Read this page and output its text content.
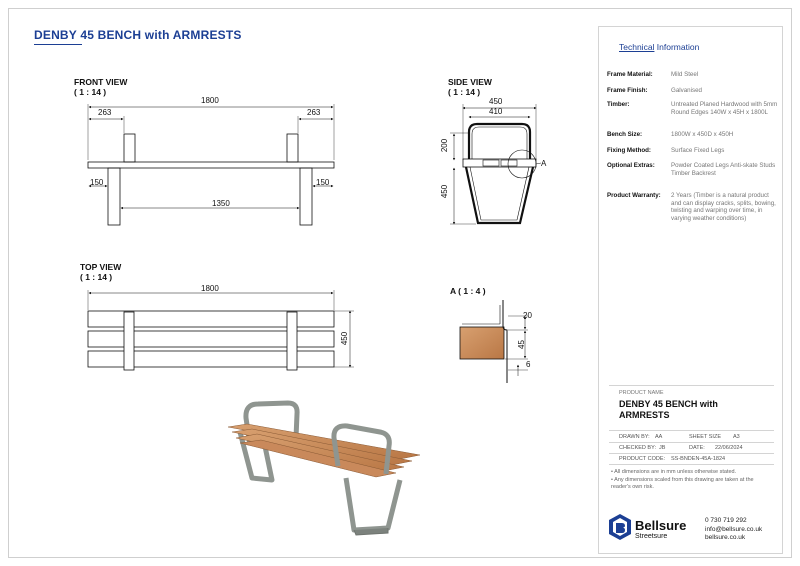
DENBY 45 BENCH with ARMRESTS
FRONT VIEW
( 1 : 14 )
SIDE VIEW
( 1 : 14 )
TOP VIEW
( 1 : 14 )
A ( 1 : 4 )
1800
263	263
150	150
1350
450
410
200
450
A
1800
450
20
45
6
Technical Information
Frame Material:	Mild Steel
Frame Finish:	Galvanised
Timber:	Untreated Planed Hardwood with 5mm Round Edges 140W x 45H x 1800L
Bench Size:	1800W x 450D x 450H
Fixing Method:	Surface Fixed Legs
Optional Extras:	Powder Coated Legs Anti-skate Studs Timber Backrest
Product Warranty:	2 Years (Timber is a natural product and can display cracks, splits, bowing, twisting and warping over time, in varying weather conditions)
PRODUCT NAME
DENBY 45 BENCH with ARMRESTS
DRAWN BY: AA	SHEET SIZE A3
CHECKED BY: JB	DATE: 22/06/2024
PRODUCT CODE: SS-BNDEN-45A-1824
• All dimensions are in mm unless otherwise stated.
• Any dimensions scaled from this drawing are taken at the reader's own risk.
Bellsure
Streetsure
0 730 719 292
info@bellsure.co.uk
bellsure.co.uk
